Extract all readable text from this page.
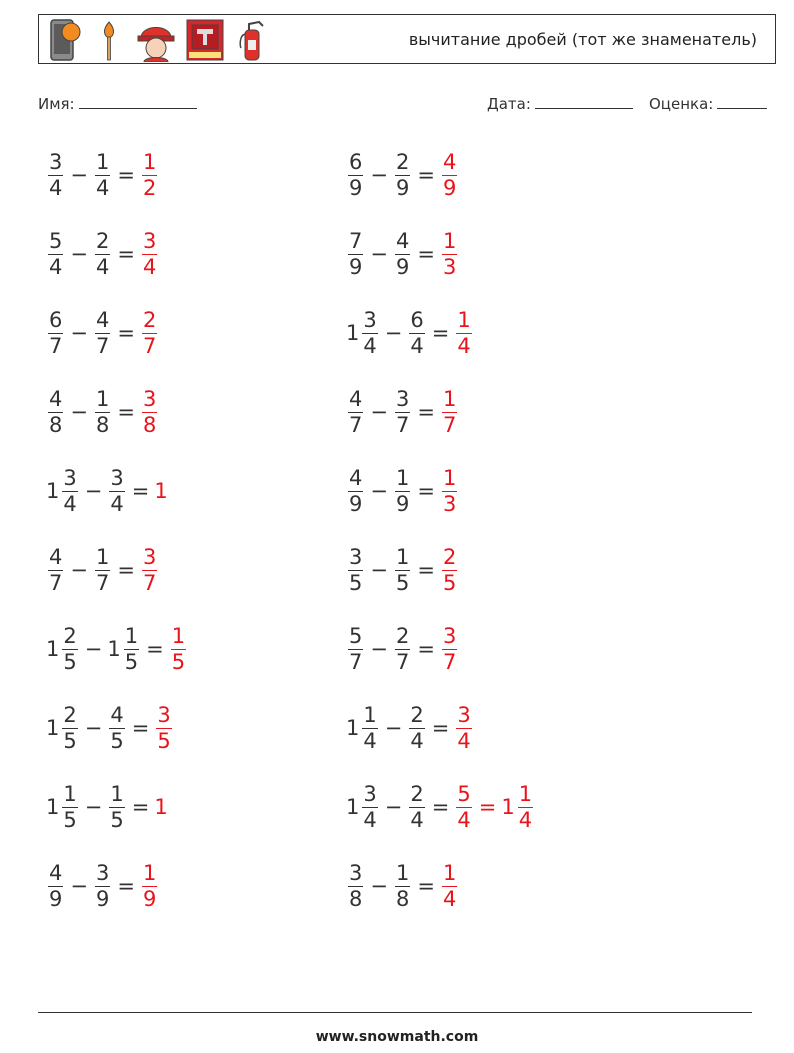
вычитание дробей (тот же знаменатель)
Имя:	Дата:	Оценка:
$\frac{3}{4} - \frac{1}{4} = \frac{1}{2}$	$\frac{6}{9} - \frac{2}{9} = \frac{4}{9}$
$\frac{5}{4} - \frac{2}{4} = \frac{3}{4}$	$\frac{7}{9} - \frac{4}{9} = \frac{1}{3}$
$\frac{6}{7} - \frac{4}{7} = \frac{2}{7}$	$1 \frac{3}{4} - \frac{6}{4} = \frac{1}{4}$
$\frac{4}{8} - \frac{1}{8} = \frac{3}{8}$	$\frac{4}{7} - \frac{3}{7} = \frac{1}{7}$
$1 \frac{3}{4} - \frac{3}{4} = 1$	$\frac{4}{9} - \frac{1}{9} = \frac{1}{3}$
$\frac{4}{7} - \frac{1}{7} = \frac{3}{7}$	$\frac{3}{5} - \frac{1}{5} = \frac{2}{5}$
$1 \frac{2}{5} - 1 \frac{1}{5} = \frac{1}{5}$	$\frac{5}{7} - \frac{2}{7} = \frac{3}{7}$
$1 \frac{2}{5} - \frac{4}{5} = \frac{3}{5}$	$1 \frac{1}{4} - \frac{2}{4} = \frac{3}{4}$
$1 \frac{1}{5} - \frac{1}{5} = 1$	$1 \frac{3}{4} - \frac{2}{4} = \frac{5}{4} = 1 \frac{1}{4}$
$\frac{4}{9} - \frac{3}{9} = \frac{1}{9}$	$\frac{3}{8} - \frac{1}{8} = \frac{1}{4}$
www.snowmath.com
